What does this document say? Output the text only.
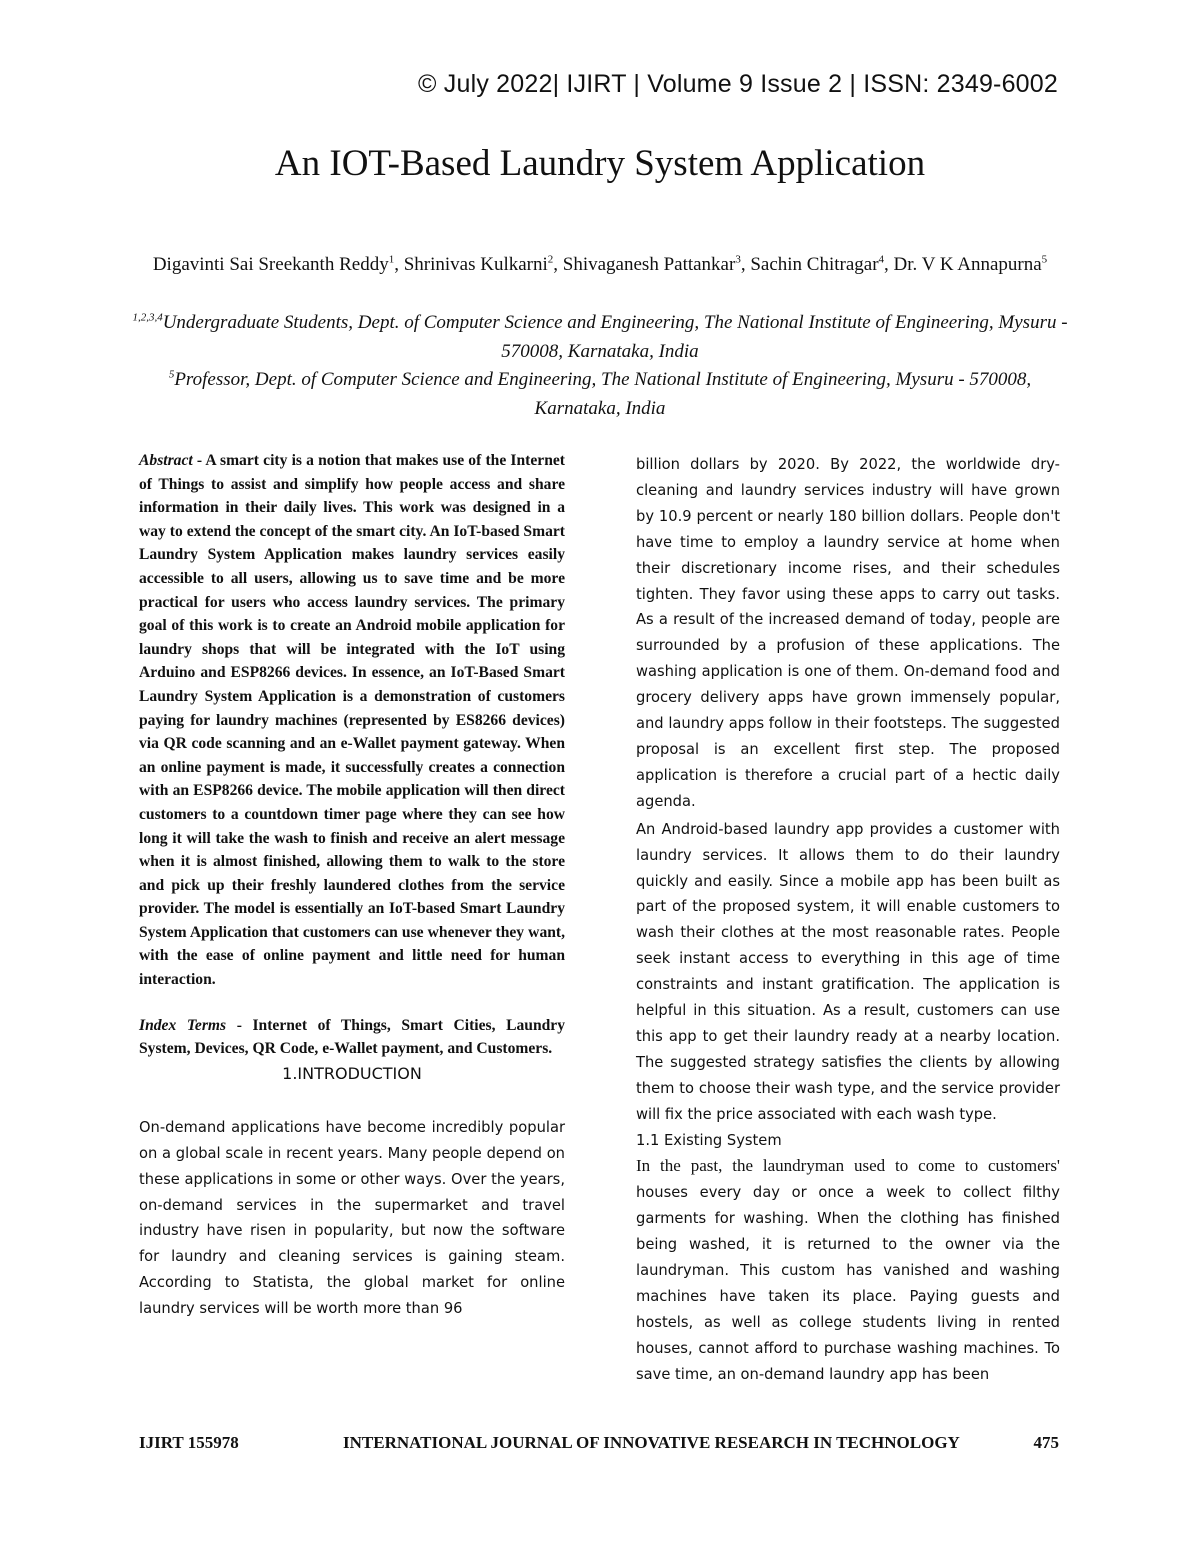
© July 2022| IJIRT | Volume 9 Issue 2 | ISSN: 2349-6002
An IOT-Based Laundry System Application
Digavinti Sai Sreekanth Reddy$^1$, Shrinivas Kulkarni$^2$, Shivaganesh Pattankar$^3$, Sachin Chitragar$^4$, Dr. V K Annapurna$^5$
$^{1,2,3,4}$Undergraduate Students, Dept. of Computer Science and Engineering, The National Institute of Engineering, Mysuru - 570008, Karnataka, India
$^5$Professor, Dept. of Computer Science and Engineering, The National Institute of Engineering, Mysuru - 570008, Karnataka, India

Abstract - A smart city is a notion that makes use of the Internet of Things to assist and simplify how people access and share information in their daily lives. This work was designed in a way to extend the concept of the smart city. An IoT-based Smart Laundry System Application makes laundry services easily accessible to all users, allowing us to save time and be more practical for users who access laundry services. The primary goal of this work is to create an Android mobile application for laundry shops that will be integrated with the IoT using Arduino and ESP8266 devices. In essence, an IoT-Based Smart Laundry System Application is a demonstration of customers paying for laundry machines (represented by ES8266 devices) via QR code scanning and an e-Wallet payment gateway. When an online payment is made, it successfully creates a connection with an ESP8266 device. The mobile application will then direct customers to a countdown timer page where they can see how long it will take the wash to finish and receive an alert message when it is almost finished, allowing them to walk to the store and pick up their freshly laundered clothes from the service provider. The model is essentially an IoT-based Smart Laundry System Application that customers can use whenever they want, with the ease of online payment and little need for human interaction.

Index Terms - Internet of Things, Smart Cities, Laundry System, Devices, QR Code, e-Wallet payment, and Customers.

1.INTRODUCTION

On-demand applications have become incredibly popular on a global scale in recent years. Many people depend on these applications in some or other ways. Over the years, on-demand services in the supermarket and travel industry have risen in popularity, but now the software for laundry and cleaning services is gaining steam. According to Statista, the global market for online laundry services will be worth more than 96

billion dollars by 2020. By 2022, the worldwide dry-cleaning and laundry services industry will have grown by 10.9 percent or nearly 180 billion dollars. People don't have time to employ a laundry service at home when their discretionary income rises, and their schedules tighten. They favor using these apps to carry out tasks. As a result of the increased demand of today, people are surrounded by a profusion of these applications. The washing application is one of them. On-demand food and grocery delivery apps have grown immensely popular, and laundry apps follow in their footsteps. The suggested proposal is an excellent first step. The proposed application is therefore a crucial part of a hectic daily agenda.

An Android-based laundry app provides a customer with laundry services. It allows them to do their laundry quickly and easily. Since a mobile app has been built as part of the proposed system, it will enable customers to wash their clothes at the most reasonable rates. People seek instant access to everything in this age of time constraints and instant gratification. The application is helpful in this situation. As a result, customers can use this app to get their laundry ready at a nearby location. The suggested strategy satisfies the clients by allowing them to choose their wash type, and the service provider will fix the price associated with each wash type.

1.1 Existing System

In the past, the laundryman used to come to customers' houses every day or once a week to collect filthy garments for washing. When the clothing has finished being washed, it is returned to the owner via the laundryman. This custom has vanished and washing machines have taken its place. Paying guests and hostels, as well as college students living in rented houses, cannot afford to purchase washing machines. To save time, an on-demand laundry app has been

IJIRT 155978	INTERNATIONAL JOURNAL OF INNOVATIVE RESEARCH IN TECHNOLOGY	475
